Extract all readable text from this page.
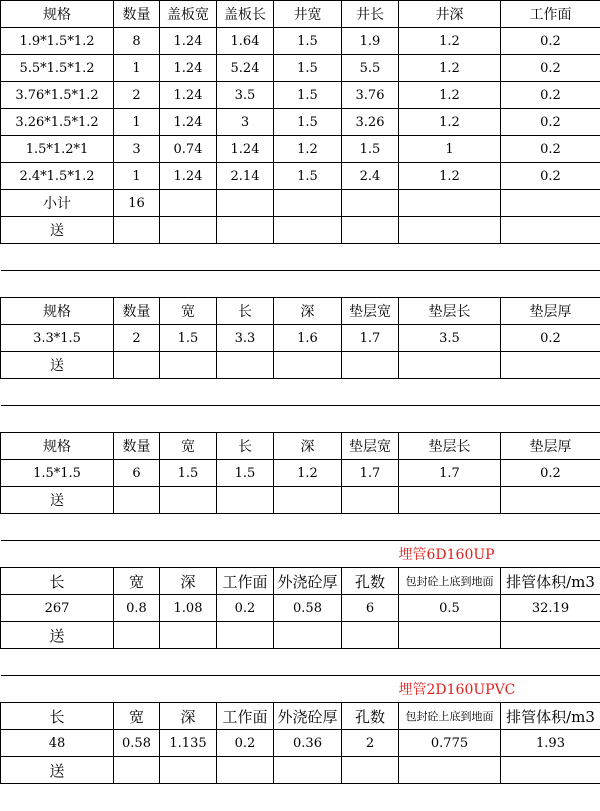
规格	数量	盖板宽	盖板长	井宽	井长	井深	工作面
1.9*1.5*1.2	8	1.24	1.64	1.5	1.9	1.2	0.2
5.5*1.5*1.2	1	1.24	5.24	1.5	5.5	1.2	0.2
3.76*1.5*1.2	2	1.24	3.5	1.5	3.76	1.2	0.2
3.26*1.5*1.2	1	1.24	3	1.5	3.26	1.2	0.2
1.5*1.2*1	3	0.74	1.24	1.2	1.5	1	0.2
2.4*1.5*1.2	1	1.24	2.14	1.5	2.4	1.2	0.2
小计	16						
送							

规格	数量	宽	长	深	垫层宽	垫层长	垫层厚
3.3*1.5	2	1.5	3.3	1.6	1.7	3.5	0.2
送							

规格	数量	宽	长	深	垫层宽	垫层长	垫层厚
1.5*1.5	6	1.5	1.5	1.2	1.7	1.7	0.2
送							

						埋管6D160UP	
长	宽	深	工作面	外浇砼厚	孔数	包封砼上底到地面	排管体积/m3
267	0.8	1.08	0.2	0.58	6	0.5	32.19
送							

						埋管2D160UPVC	
长	宽	深	工作面	外浇砼厚	孔数	包封砼上底到地面	排管体积/m3
48	0.58	1.135	0.2	0.36	2	0.775	1.93
送							
